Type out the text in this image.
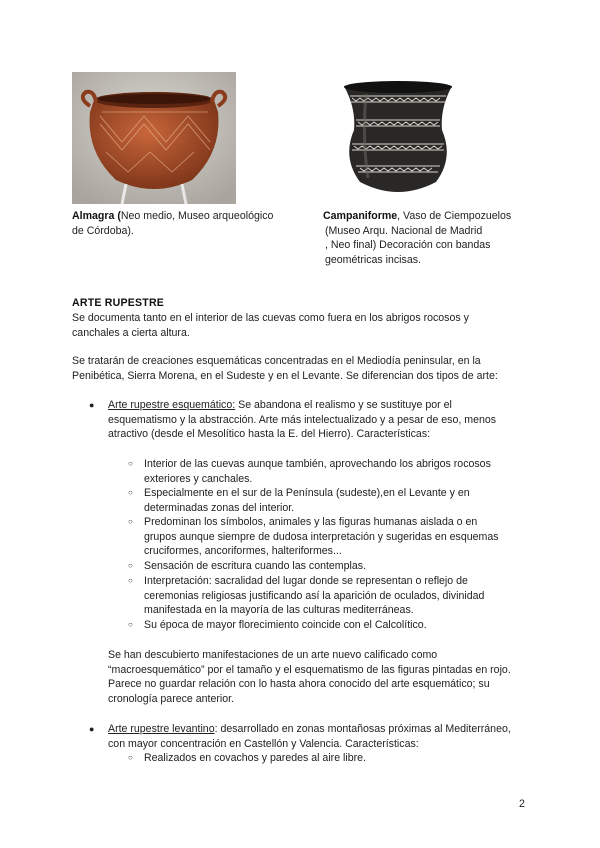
Almagra (Neo medio, Museo arqueológico

de Córdoba).

Campaniforme, Vaso de Ciempozuelos

(Museo Arqu. Nacional de Madrid

, Neo final) Decoración con bandas

geométricas incisas.

ARTE RUPESTRE

Se documenta tanto en el interior de las cuevas como fuera en los abrigos rocosos y canchales a cierta altura.

Se tratarán de creaciones esquemáticas concentradas en el Mediodía peninsular, en la Penibética, Sierra Morena, en el Sudeste y en el Levante. Se diferencian dos tipos de arte:

● Arte rupestre esquemático: Se abandona el realismo y se sustituye por el esquematismo y la abstracción. Arte más intelectualizado y a pesar de eso, menos atractivo (desde el Mesolítico hasta la E. del Hierro). Características:

○ Interior de las cuevas aunque también, aprovechando los abrigos rocosos exteriores y canchales.

○ Especialmente en el sur de la Península (sudeste),en el Levante y en determinadas zonas del interior.

○ Predominan los símbolos, animales y las figuras humanas aislada o en grupos aunque siempre de dudosa interpretación y sugeridas en esquemas cruciformes, ancoriformes, halteriformes...

○ Sensación de escritura cuando las contemplas.

○ Interpretación: sacralidad del lugar donde se representan o reflejo de ceremonias religiosas justificando así la aparición de oculados, divinidad manifestada en la mayoría de las culturas mediterráneas.

○ Su época de mayor florecimiento coincide con el Calcolítico.

Se han descubierto manifestaciones de un arte nuevo calificado como “macroesquemático” por el tamaño y el esquematismo de las figuras pintadas en rojo. Parece no guardar relación con lo hasta ahora conocido del arte esquemático; su cronología parece anterior.

● Arte rupestre levantino: desarrollado en zonas montañosas próximas al Mediterráneo, con mayor concentración en Castellón y Valencia. Características:

○ Realizados en covachos y paredes al aire libre.

2
